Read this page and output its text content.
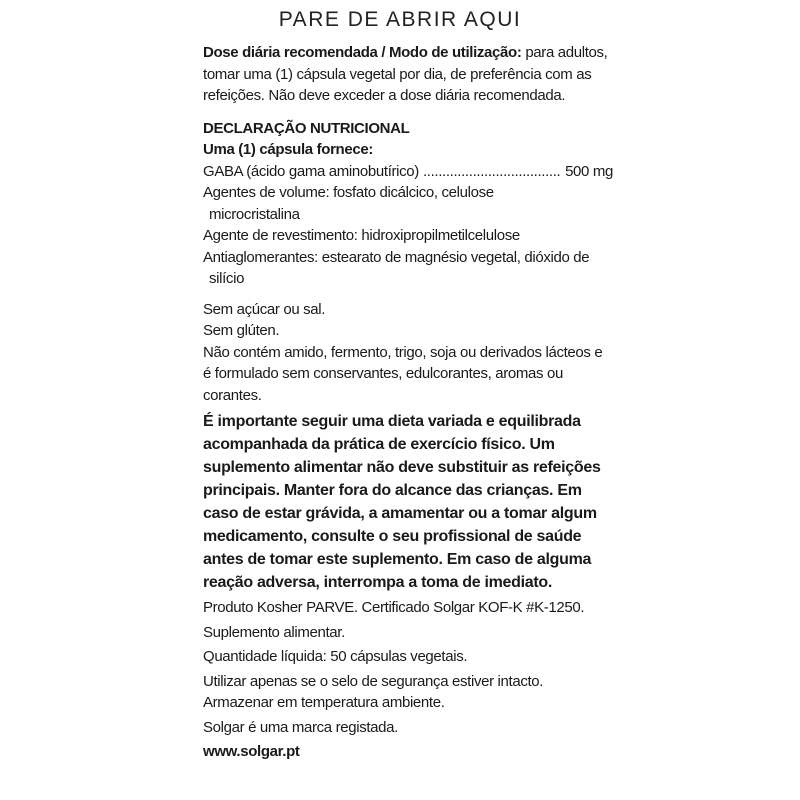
PARE DE ABRIR AQUI

Dose diária recomendada / Modo de utilização: para adultos, tomar uma (1) cápsula vegetal por dia, de preferência com as refeições. Não deve exceder a dose diária recomendada.

DECLARAÇÃO NUTRICIONAL

Uma (1) cápsula fornece:

GABA (ácido gama aminobutírico)
.....	500 mg

Agentes de volume: fosfato dicálcico, celulose

microcristalina

Agente de revestimento: hidroxipropilmetilcelulose

Antiaglomerantes: estearato de magnésio vegetal, dióxido de

silício

Sem açúcar ou sal.

Sem glúten.

Não contém amido, fermento, trigo, soja ou derivados lácteos e é formulado sem conservantes, edulcorantes, aromas ou corantes.

É importante seguir uma dieta variada e equilibrada acompanhada da prática de exercício físico. Um suplemento alimentar não deve substituir as refeições principais. Manter fora do alcance das crianças. Em caso de estar grávida, a amamentar ou a tomar algum medicamento, consulte o seu profissional de saúde antes de tomar este suplemento. Em caso de alguma reação adversa, interrompa a toma de imediato.

Produto Kosher PARVE. Certificado Solgar KOF-K #K-1250.

Suplemento alimentar.

Quantidade líquida: 50 cápsulas vegetais.

Utilizar apenas se o selo de segurança estiver intacto.

Armazenar em temperatura ambiente.

Solgar é uma marca registada.

www.solgar.pt
